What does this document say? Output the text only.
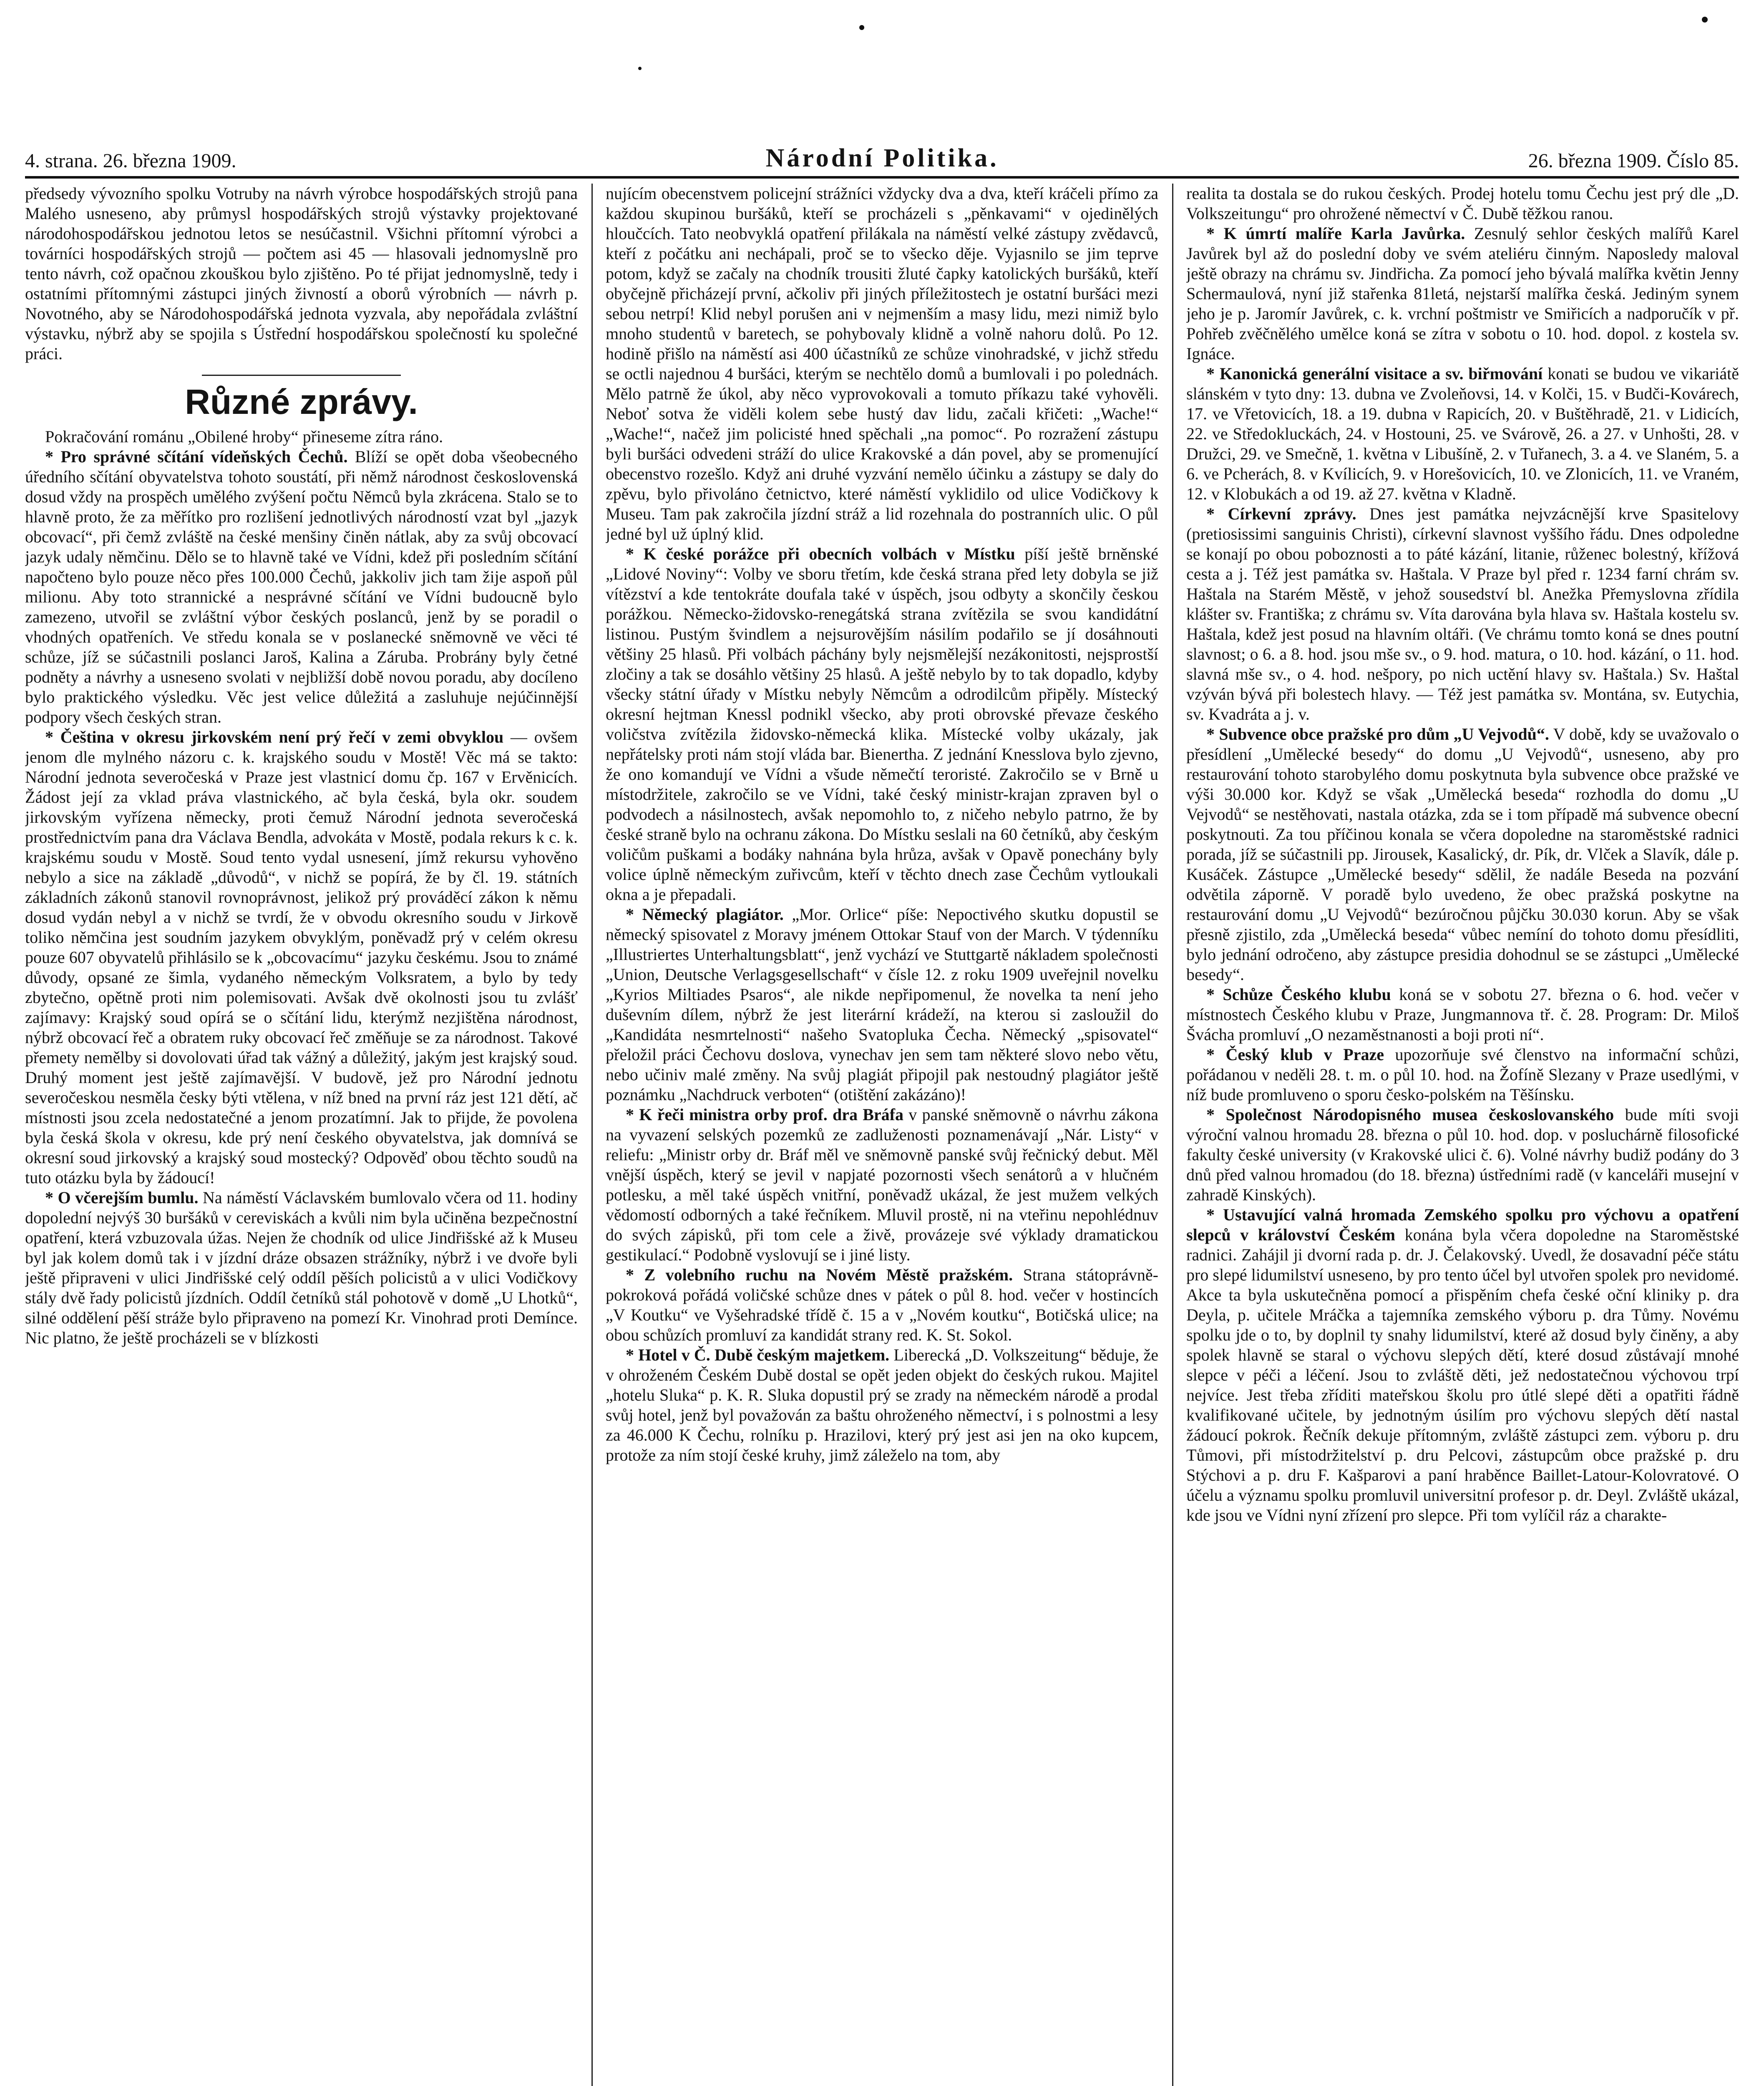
4. strana. 26. března 1909.	Národní Politika.	26. března 1909. Číslo 85.

předsedy vývozního spolku Votruby na návrh výrobce hospodářských strojů pana Malého usneseno, aby průmysl hospodářských strojů výstavky projektované národohospodářskou jednotou letos se nesúčastnil. Všichni přítomní výrobci a továrníci hospodářských strojů — počtem asi 45 — hlasovali jednomyslně pro tento návrh, což opačnou zkouškou bylo zjištěno. Po té přijat jednomyslně, tedy i ostatními přítomnými zástupci jiných živností a oborů výrobních — návrh p. Novotného, aby se Národohospodářská jednota vyzvala, aby nepořádala zvláštní výstavku, nýbrž aby se spojila s Ústřední hospodářskou společností ku společné práci.

Různé zprávy.

Pokračování románu „Obilené hroby“ přineseme zítra ráno.

* Pro správné sčítání vídeňských Čechů. Blíží se opět doba všeobecného úředního sčítání obyvatelstva tohoto soustátí, při němž národnost československá dosud vždy na prospěch umělého zvýšení počtu Němců byla zkrácena. Stalo se to hlavně proto, že za měřítko pro rozlišení jednotlivých národností vzat byl „jazyk obcovací“, při čemž zvláště na české menšiny činěn nátlak, aby za svůj obcovací jazyk udaly němčinu. Dělo se to hlavně také ve Vídni, kdež při posledním sčítání napočteno bylo pouze něco přes 100.000 Čechů, jakkoliv jich tam žije aspoň půl milionu. Aby toto strannické a nesprávné sčítání ve Vídni budoucně bylo zamezeno, utvořil se zvláštní výbor českých poslanců, jenž by se poradil o vhodných opatřeních. Ve středu konala se v poslanecké sněmovně ve věci té schůze, jíž se súčastnili poslanci Jaroš, Kalina a Záruba. Probrány byly četné podněty a návrhy a usneseno svolati v nejbližší době novou poradu, aby docíleno bylo praktického výsledku. Věc jest velice důležitá a zasluhuje nejúčinnější podpory všech českých stran.

* Čeština v okresu jirkovském není prý řečí v zemi obvyklou — ovšem jenom dle mylného názoru c. k. krajského soudu v Mostě! Věc má se takto: Národní jednota severočeská v Praze jest vlastnicí domu čp. 167 v Ervěnicích. Žádost její za vklad práva vlastnického, ač byla česká, byla okr. soudem jirkovským vyřízena německy, proti čemuž Národní jednota severočeská prostřednictvím pana dra Václava Bendla, advokáta v Mostě, podala rekurs k c. k. krajskému soudu v Mostě. Soud tento vydal usnesení, jímž rekursu vyhověno nebylo a sice na základě „důvodů“, v nichž se popírá, že by čl. 19. státních základních zákonů stanovil rovnoprávnost, jelikož prý prováděcí zákon k němu dosud vydán nebyl a v nichž se tvrdí, že v obvodu okresního soudu v Jirkově toliko němčina jest soudním jazykem obvyklým, poněvadž prý v celém okresu pouze 607 obyvatelů přihlásilo se k „obcovacímu“ jazyku českému. Jsou to známé důvody, opsané ze šimla, vydaného německým Volksratem, a bylo by tedy zbytečno, opětně proti nim polemisovati. Avšak dvě okolnosti jsou tu zvlášť zajímavy: Krajský soud opírá se o sčítání lidu, kterýmž nezjištěna národnost, nýbrž obcovací řeč a obratem ruky obcovací řeč změňuje se za národnost. Takové přemety nemělby si dovolovati úřad tak vážný a důležitý, jakým jest krajský soud. Druhý moment jest ještě zajímavější. V budově, jež pro Národní jednotu severočeskou nesměla česky býti vtělena, v níž bned na první ráz jest 121 dětí, ač místnosti jsou zcela nedostatečné a jenom prozatímní. Jak to přijde, že povolena byla česká škola v okresu, kde prý není českého obyvatelstva, jak domnívá se okresní soud jirkovský a krajský soud mostecký? Odpověď obou těchto soudů na tuto otázku byla by žádoucí!

* O včerejším bumlu. Na náměstí Václavském bumlovalo včera od 11. hodiny dopolední nejvýš 30 buršáků v cereviskách a kvůli nim byla učiněna bezpečnostní opatření, která vzbuzovala úžas. Nejen že chodník od ulice Jindřišské až k Museu byl jak kolem domů tak i v jízdní dráze obsazen strážníky, nýbrž i ve dvoře byli ještě připraveni v ulici Jindřišské celý oddíl pěších policistů a v ulici Vodičkovy stály dvě řady policistů jízdních. Oddíl četníků stál pohotově v domě „U Lhotků“, silné oddělení pěší stráže bylo připraveno na pomezí Kr. Vinohrad proti Demínce. Nic platno, že ještě procházeli se v blízkosti

nujícím obecenstvem policejní strážníci vždycky dva a dva, kteří kráčeli přímo za každou skupinou buršáků, kteří se procházeli s „pěnkavami“ v ojedinělých hloučcích. Tato neobvyklá opatření přilákala na náměstí velké zástupy zvědavců, kteří z počátku ani nechápali, proč se to všecko děje. Vyjasnilo se jim teprve potom, když se začaly na chodník trousiti žluté čapky katolických buršáků, kteří obyčejně přicházejí první, ačkoliv při jiných příležitostech je ostatní buršáci mezi sebou netrpí! Klid nebyl porušen ani v nejmenším a masy lidu, mezi nimiž bylo mnoho studentů v baretech, se pohybovaly klidně a volně nahoru dolů. Po 12. hodině přišlo na náměstí asi 400 účastníků ze schůze vinohradské, v jichž středu se octli najednou 4 buršáci, kterým se nechtělo domů a bumlovali i po polednách. Mělo patrně že úkol, aby něco vyprovokovali a tomuto příkazu také vyhověli. Neboť sotva že viděli kolem sebe hustý dav lidu, začali křičeti: „Wache!“ „Wache!“, načež jim policisté hned spěchali „na pomoc“. Po rozražení zástupu byli buršáci odvedeni stráží do ulice Krakovské a dán povel, aby se promenující obecenstvo rozešlo. Když ani druhé vyzvání nemělo účinku a zástupy se daly do zpěvu, bylo přivoláno četnictvo, které náměstí vyklidilo od ulice Vodičkovy k Museu. Tam pak zakročila jízdní stráž a lid rozehnala do postranních ulic. O půl jedné byl už úplný klid.

* K české porážce při obecních volbách v Místku píší ještě brněnské „Lidové Noviny“: Volby ve sboru třetím, kde česká strana před lety dobyla se již vítězství a kde tentokráte doufala také v úspěch, jsou odbyty a skončily českou porážkou. Německo-židovsko-renegátská strana zvítězila se svou kandidátní listinou. Pustým švindlem a nejsurovějším násilím podařilo se jí dosáhnouti většiny 25 hlasů. Při volbách páchány byly nejsmělejší nezákonitosti, nejsprostší zločiny a tak se dosáhlo většiny 25 hlasů. A ještě nebylo by to tak dopadlo, kdyby všecky státní úřady v Místku nebyly Němcům a odrodilcům připěly. Místecký okresní hejtman Knessl podnikl všecko, aby proti obrovské převaze českého voličstva zvítězila židovsko-německá klika. Místecké volby ukázaly, jak nepřátelsky proti nám stojí vláda bar. Bienertha. Z jednání Knesslova bylo zjevno, že ono komandují ve Vídni a všude němečtí teroristé. Zakročilo se v Brně u místodržitele, zakročilo se ve Vídni, také český ministr-krajan zpraven byl o podvodech a násilnostech, avšak nepomohlo to, z ničeho nebylo patrno, že by české straně bylo na ochranu zákona. Do Místku seslali na 60 četníků, aby českým voličům puškami a bodáky nahnána byla hrůza, avšak v Opavě ponechány byly volice úplně německým zuřivcům, kteří v těchto dnech zase Čechům vytloukali okna a je přepadali.

* Německý plagiátor. „Mor. Orlice“ píše: Nepoctivého skutku dopustil se německý spisovatel z Moravy jménem Ottokar Stauf von der March. V týdenníku „Illustriertes Unterhaltungsblatt“, jenž vychází ve Stuttgartě nákladem společnosti „Union, Deutsche Verlagsgesellschaft“ v čísle 12. z roku 1909 uveřejnil novelku „Kyrios Miltiades Psaros“, ale nikde nepřipomenul, že novelka ta není jeho duševním dílem, nýbrž že jest literární krádeží, na kterou si zasloužil do „Kandidáta nesmrtelnosti“ našeho Svatopluka Čecha. Německý „spisovatel“ přeložil práci Čechovu doslova, vynechav jen sem tam některé slovo nebo větu, nebo učiniv malé změny. Na svůj plagiát připojil pak nestoudný plagiátor ještě poznámku „Nachdruck verboten“ (otištění zakázáno)!

* K řeči ministra orby prof. dra Bráfa v panské sněmovně o návrhu zákona na vyvazení selských pozemků ze zadluženosti poznamenávají „Nár. Listy“ v reliefu: „Ministr orby dr. Bráf měl ve sněmovně panské svůj řečnický debut. Měl vnější úspěch, který se jevil v napjaté pozornosti všech senátorů a v hlučném potlesku, a měl také úspěch vnitřní, poněvadž ukázal, že jest mužem velkých vědomostí odborných a také řečníkem. Mluvil prostě, ni na vteřinu nepohlédnuv do svých zápisků, při tom cele a živě, provázeje své výklady dramatickou gestikulací.“ Podobně vyslovují se i jiné listy.

* Z volebního ruchu na Novém Městě pražském. Strana státoprávně-pokroková pořádá voličské schůze dnes v pátek o půl 8. hod. večer v hostincích „V Koutku“ ve Vyšehradské třídě č. 15 a v „Novém koutku“, Botičská ulice; na obou schůzích promluví za kandidát strany red. K. St. Sokol.

* Hotel v Č. Dubě českým majetkem. Liberecká „D. Volkszeitung“ běduje, že v ohroženém Českém Dubě dostal se opět jeden objekt do českých rukou. Majitel „hotelu Sluka“ p. K. R. Sluka dopustil prý se zrady na německém národě a prodal svůj hotel, jenž byl považován za baštu ohroženého němectví, i s polnostmi a lesy za 46.000 K Čechu, rolníku p. Hrazilovi, který prý jest asi jen na oko kupcem, protože za ním stojí české kruhy, jimž záleželo na tom, aby

realita ta dostala se do rukou českých. Prodej hotelu tomu Čechu jest prý dle „D. Volkszeitungu“ pro ohrožené němectví v Č. Dubě těžkou ranou.

* K úmrtí malíře Karla Javůrka. Zesnulý sehlor českých malířů Karel Javůrek byl až do poslední doby ve svém ateliéru činným. Naposledy maloval ještě obrazy na chrámu sv. Jindřicha. Za pomocí jeho bývalá malířka květin Jenny Schermaulová, nyní již stařenka 81letá, nejstarší malířka česká. Jediným synem jeho je p. Jaromír Javůrek, c. k. vrchní poštmistr ve Smiřicích a nadporučík v př. Pohřeb zvěčnělého umělce koná se zítra v sobotu o 10. hod. dopol. z kostela sv. Ignáce.

* Kanonická generální visitace a sv. biřmování konati se budou ve vikariátě slánském v tyto dny: 13. dubna ve Zvoleňovsi, 14. v Kolči, 15. v Budči-Kovárech, 17. ve Vřetovicích, 18. a 19. dubna v Rapicích, 20. v Buštěhradě, 21. v Lidicích, 22. ve Středokluckách, 24. v Hostouni, 25. ve Svárově, 26. a 27. v Unhošti, 28. v Družci, 29. ve Smečně, 1. května v Libušíně, 2. v Tuřanech, 3. a 4. ve Slaném, 5. a 6. ve Pcherách, 8. v Kvílicích, 9. v Horešovicích, 10. ve Zlonicích, 11. ve Vraném, 12. v Klobukách a od 19. až 27. května v Kladně.

* Církevní zprávy. Dnes jest památka nejvzácnější krve Spasitelovy (pretiosissimi sanguinis Christi), církevní slavnost vyššího řádu. Dnes odpoledne se konají po obou poboznosti a to páté kázání, litanie, růženec bolestný, křížová cesta a j. Též jest památka sv. Haštala. V Praze byl před r. 1234 farní chrám sv. Haštala na Starém Městě, v jehož sousedství bl. Anežka Přemyslovna zřídila klášter sv. Františka; z chrámu sv. Víta darována byla hlava sv. Haštala kostelu sv. Haštala, kdež jest posud na hlavním oltáři. (Ve chrámu tomto koná se dnes poutní slavnost; o 6. a 8. hod. jsou mše sv., o 9. hod. matura, o 10. hod. kázání, o 11. hod. slavná mše sv., o 4. hod. nešpory, po nich uctění hlavy sv. Haštala.) Sv. Haštal vzýván bývá při bolestech hlavy. — Též jest památka sv. Montána, sv. Eutychia, sv. Kvadráta a j. v.

* Subvence obce pražské pro dům „U Vejvodů“. V době, kdy se uvažovalo o přesídlení „Umělecké besedy“ do domu „U Vejvodů“, usneseno, aby pro restaurování tohoto starobylého domu poskytnuta byla subvence obce pražské ve výši 30.000 kor. Když se však „Umělecká beseda“ rozhodla do domu „U Vejvodů“ se nestěhovati, nastala otázka, zda se i tom případě má subvence obecní poskytnouti. Za tou příčinou konala se včera dopoledne na staroměstské radnici porada, jíž se súčastnili pp. Jirousek, Kasalický, dr. Pík, dr. Vlček a Slavík, dále p. Kusáček. Zástupce „Umělecké besedy“ sdělil, že nadále Beseda na pozvání odvětila záporně. V poradě bylo uvedeno, že obec pražská poskytne na restaurování domu „U Vejvodů“ bezúročnou půjčku 30.030 korun. Aby se však přesně zjistilo, zda „Umělecká beseda“ vůbec nemíní do tohoto domu přesídliti, bylo jednání odročeno, aby zástupce presidia dohodnul se se zástupci „Umělecké besedy“.

* Schůze Českého klubu koná se v sobotu 27. března o 6. hod. večer v místnostech Českého klubu v Praze, Jungmannova tř. č. 28. Program: Dr. Miloš Švácha promluví „O nezaměstnanosti a boji proti ní“.

* Český klub v Praze upozorňuje své členstvo na informační schůzi, pořádanou v neděli 28. t. m. o půl 10. hod. na Žofíně Slezany v Praze usedlými, v níž bude promluveno o sporu česko-polském na Těšínsku.

* Společnost Národopisného musea českoslovanského bude míti svoji výroční valnou hromadu 28. března o půl 10. hod. dop. v posluchárně filosofické fakulty české university (v Krakovské ulici č. 6). Volné návrhy budiž podány do 3 dnů před valnou hromadou (do 18. března) ústředními radě (v kanceláři musejní v zahradě Kinských).

* Ustavující valná hromada Zemského spolku pro výchovu a opatření slepců v království Českém konána byla včera dopoledne na Staroměstské radnici. Zahájil ji dvorní rada p. dr. J. Čelakovský. Uvedl, že dosavadní péče státu pro slepé lidumilství usneseno, by pro tento účel byl utvořen spolek pro nevidomé. Akce ta byla uskutečněna pomocí a přispěním chefa české oční kliniky p. dra Deyla, p. učitele Mráčka a tajemníka zemského výboru p. dra Tůmy. Novému spolku jde o to, by doplnil ty snahy lidumilství, které až dosud byly činěny, a aby spolek hlavně se staral o výchovu slepých dětí, které dosud zůstávají mnohé slepce v péči a léčení. Jsou to zvláště děti, jež nedostatečnou výchovou trpí nejvíce. Jest třeba zříditi mateřskou školu pro útlé slepé děti a opatřiti řádně kvalifikované učitele, by jednotným úsilím pro výchovu slepých dětí nastal žádoucí pokrok. Řečník dekuje přítomným, zvláště zástupci zem. výboru p. dru Tůmovi, při místodržitelství p. dru Pelcovi, zástupcům obce pražské p. dru Stýchovi a p. dru F. Kašparovi a paní hraběnce Baillet-Latour-Kolovratové. O účelu a významu spolku promluvil universitní profesor p. dr. Deyl. Zvláště ukázal, kde jsou ve Vídni nyní zřízení pro slepce. Při tom vylíčil ráz a charakte-
